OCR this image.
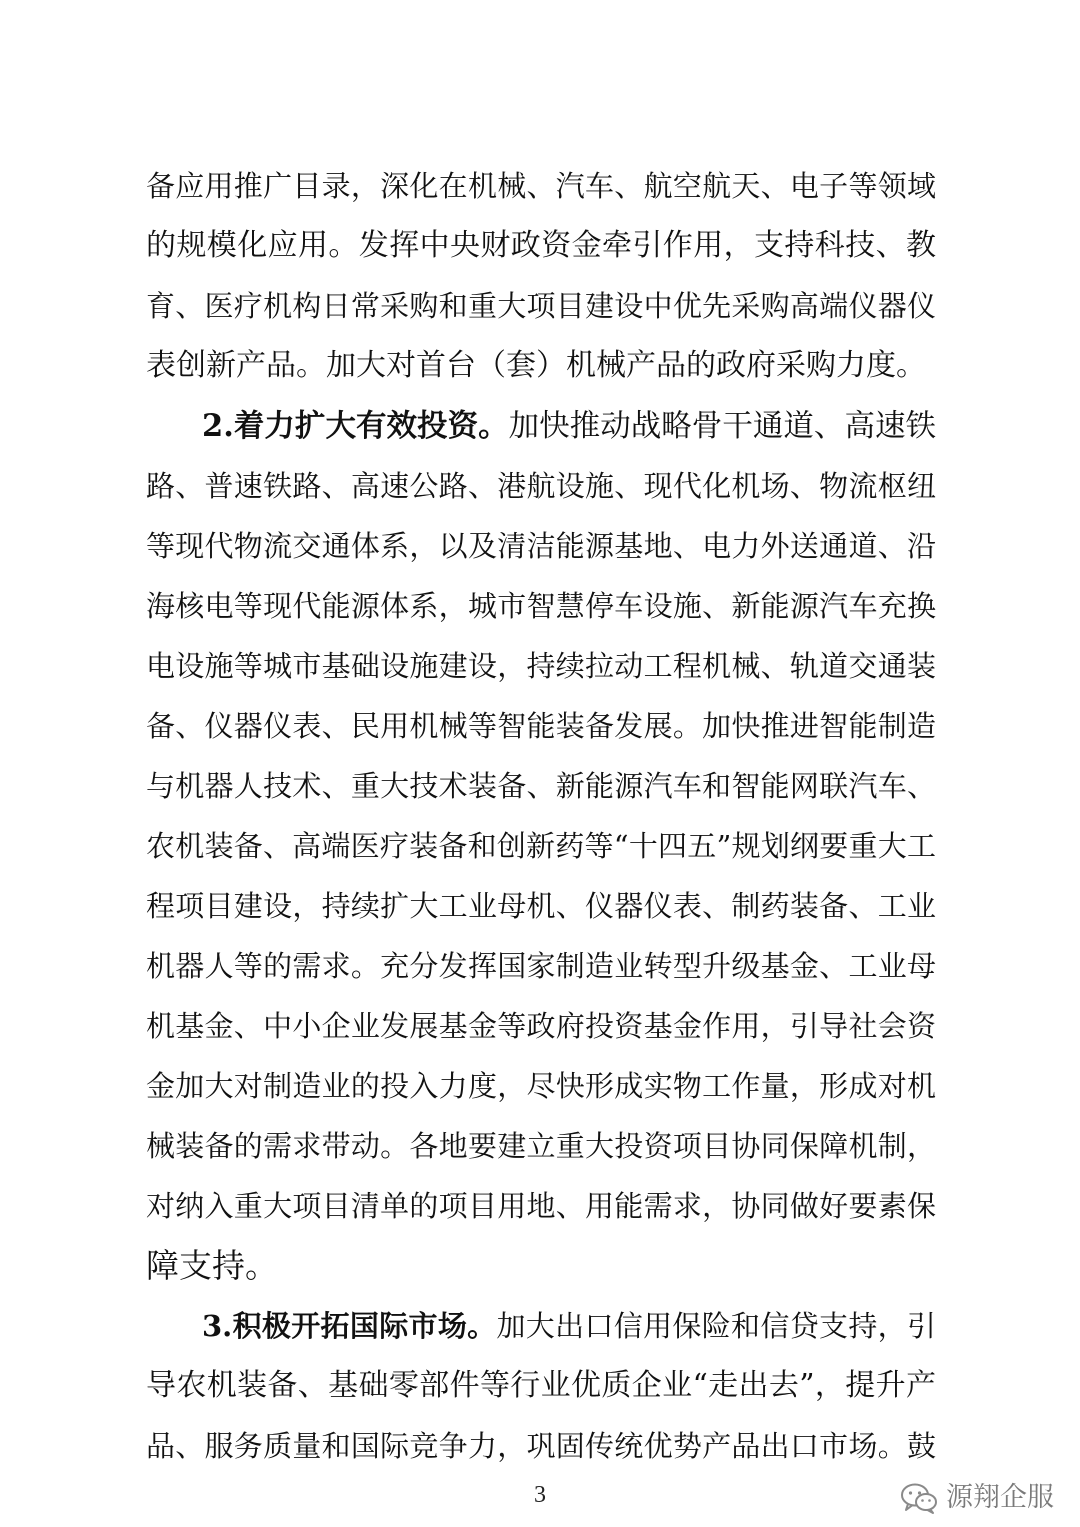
备应用推广目录，深化在机械、汽车、航空航天、电子等领域
的规模化应用。发挥中央财政资金牵引作用，支持科技、教
育、医疗机构日常采购和重大项目建设中优先采购高端仪器仪
表创新产品。加大对首台（套）机械产品的政府采购力度。
2.着力扩大有效投资。加快推动战略骨干通道、高速铁
路、普速铁路、高速公路、港航设施、现代化机场、物流枢纽
等现代物流交通体系，以及清洁能源基地、电力外送通道、沿
海核电等现代能源体系，城市智慧停车设施、新能源汽车充换
电设施等城市基础设施建设，持续拉动工程机械、轨道交通装
备、仪器仪表、民用机械等智能装备发展。加快推进智能制造
与机器人技术、重大技术装备、新能源汽车和智能网联汽车、
农机装备、高端医疗装备和创新药等“十四五”规划纲要重大工
程项目建设，持续扩大工业母机、仪器仪表、制药装备、工业
机器人等的需求。充分发挥国家制造业转型升级基金、工业母
机基金、中小企业发展基金等政府投资基金作用，引导社会资
金加大对制造业的投入力度，尽快形成实物工作量，形成对机
械装备的需求带动。各地要建立重大投资项目协同保障机制，
对纳入重大项目清单的项目用地、用能需求，协同做好要素保
障支持。
3.积极开拓国际市场。加大出口信用保险和信贷支持，引
导农机装备、基础零部件等行业优质企业“走出去”，提升产
品、服务质量和国际竞争力，巩固传统优势产品出口市场。鼓
3	源翔企服
